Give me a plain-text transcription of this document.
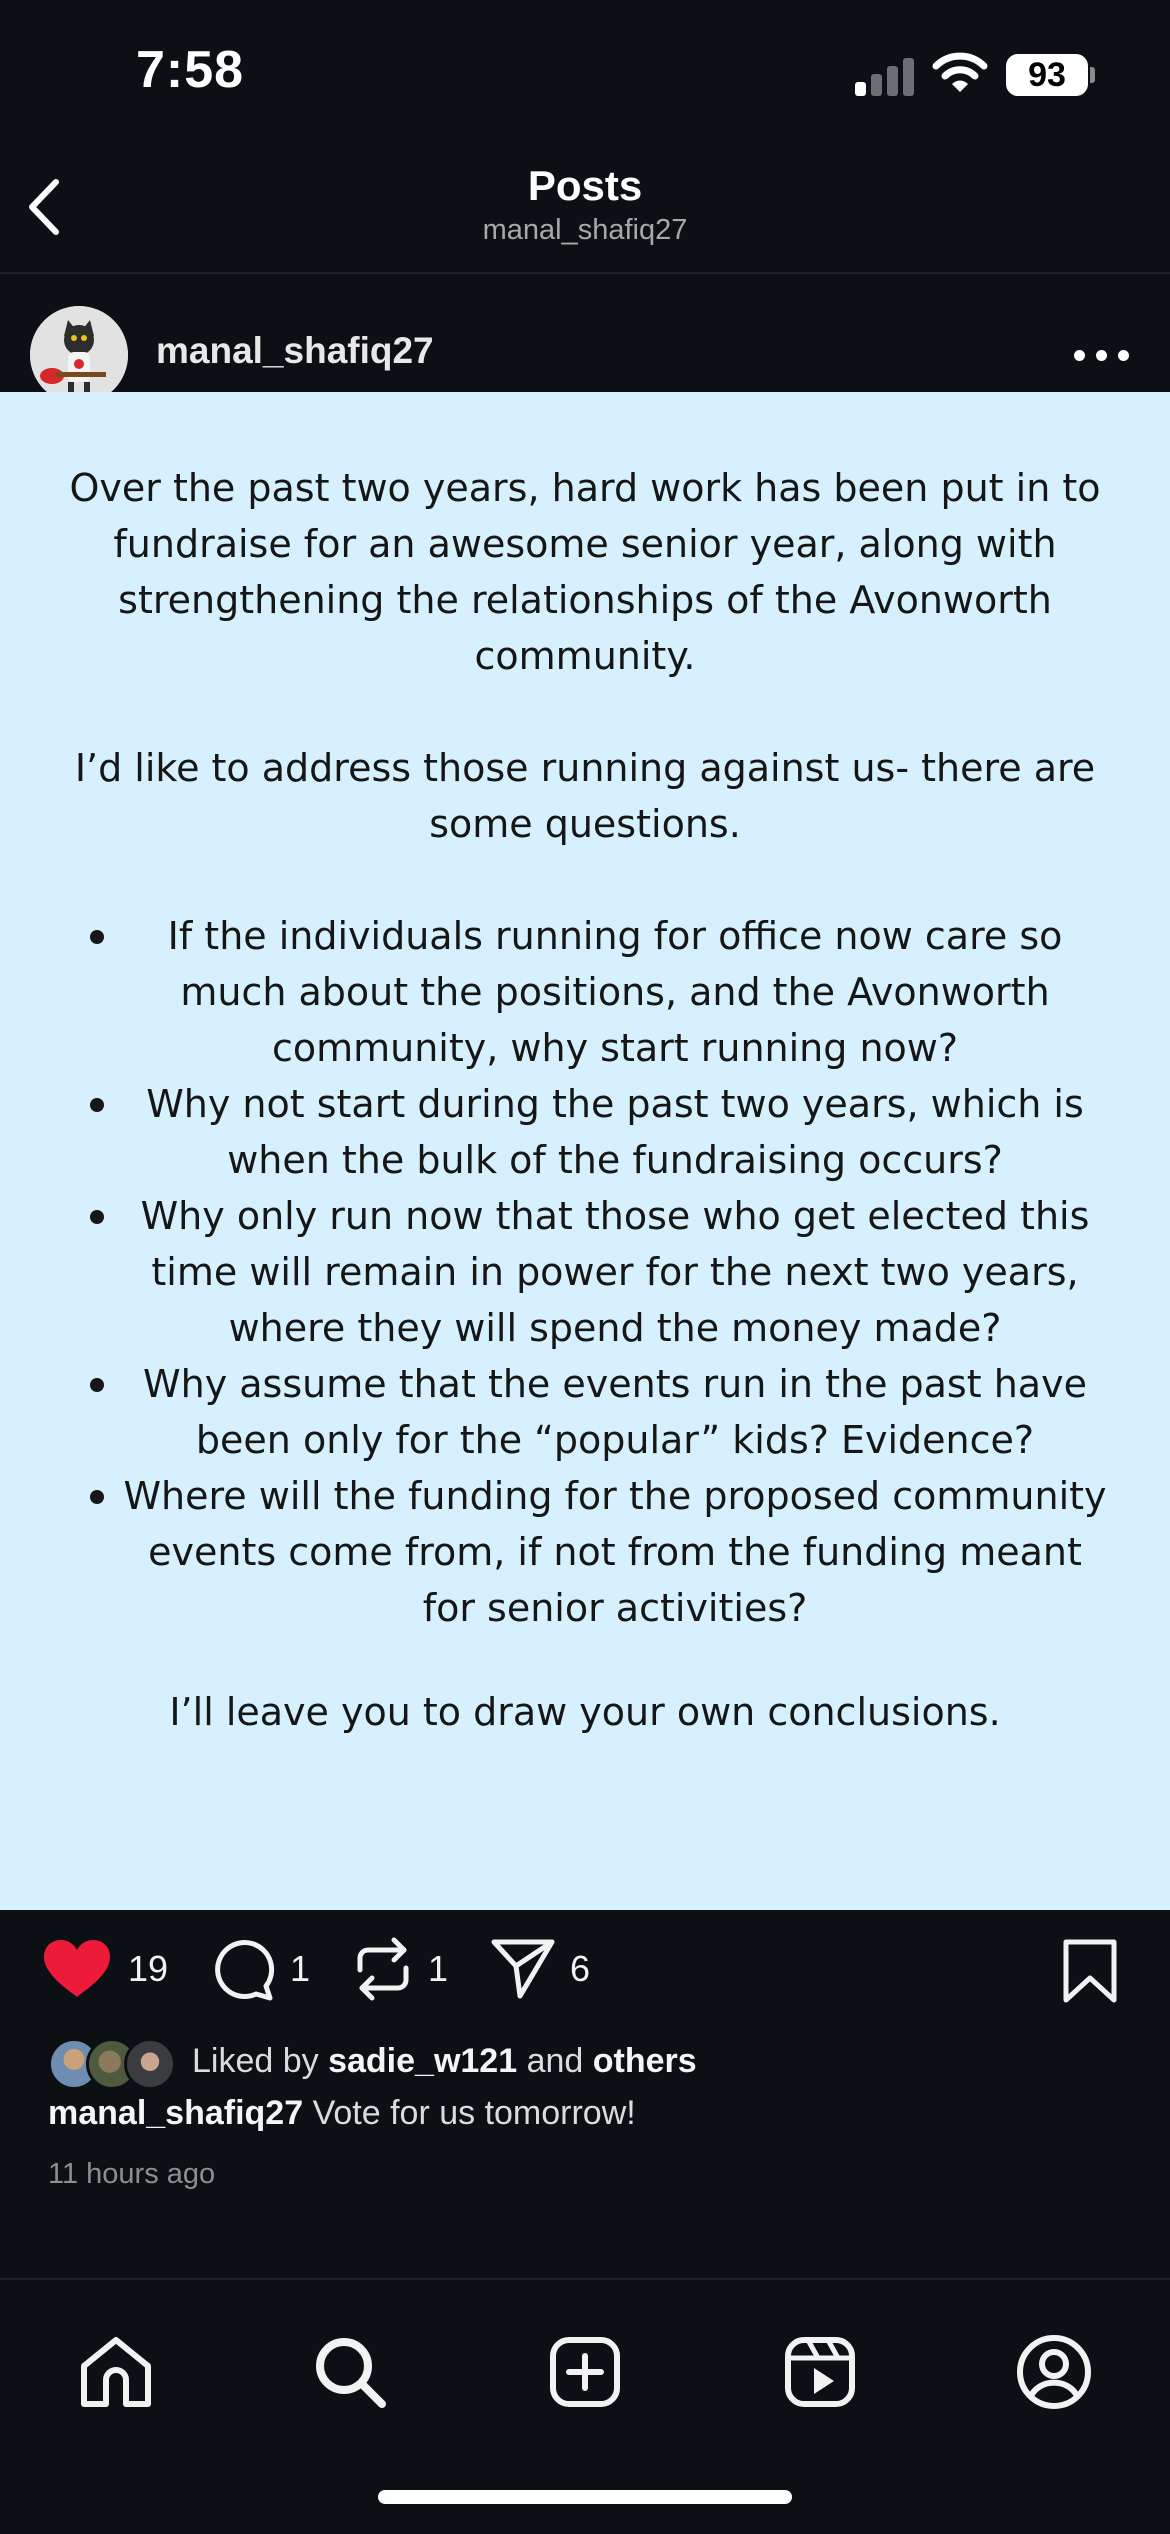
7:58	93
Posts
manal_shafiq27
manal_shafiq27

Over the past two years, hard work has been put in to fundraise for an awesome senior year, along with strengthening the relationships of the Avonworth community.

I’d like to address those running against us- there are some questions.

If the individuals running for office now care so much about the positions, and the Avonworth community, why start running now?
Why not start during the past two years, which is when the bulk of the fundraising occurs?
Why only run now that those who get elected this time will remain in power for the next two years, where they will spend the money made?
Why assume that the events run in the past have been only for the “popular” kids? Evidence?
Where will the funding for the proposed community events come from, if not from the funding meant for senior activities?

I’ll leave you to draw your own conclusions.

19	1	1	6
Liked by sadie_w121 and others
manal_shafiq27 Vote for us tomorrow!
11 hours ago
